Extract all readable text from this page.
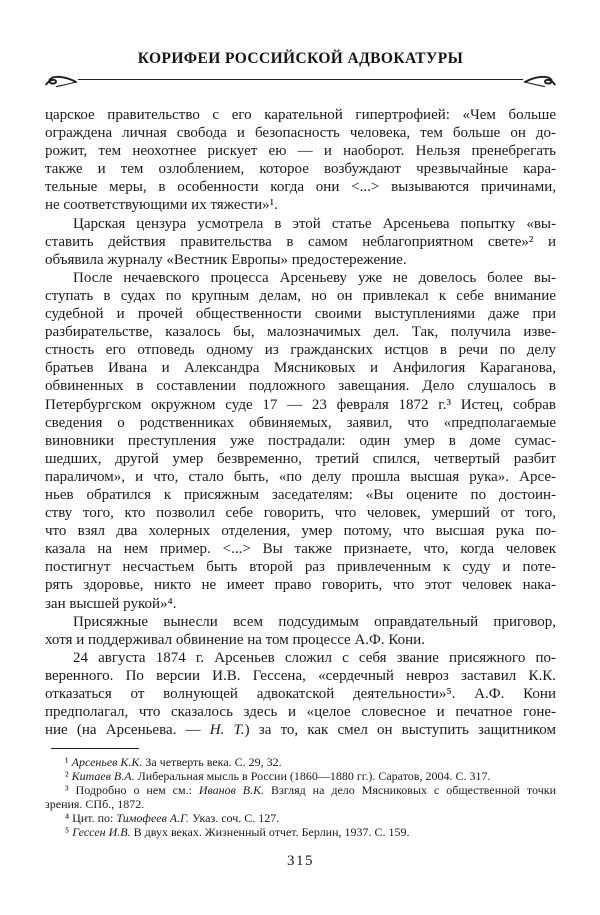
КОРИФЕИ РОССИЙСКОЙ АДВОКАТУРЫ
царское правительство с его карательной гипертрофией: «Чем больше
ограждена личная свобода и безопасность человека, тем больше он до-
рожит, тем неохотнее рискует ею — и наоборот. Нельзя пренебрегать
также и тем озлоблением, которое возбуждают чрезвычайные кара-
тельные меры, в особенности когда они <...> вызываются причинами,
не соответствующими их тяжести»¹.
Царская цензура усмотрела в этой статье Арсеньева попытку «вы-
ставить действия правительства в самом неблагоприятном свете»² и
объявила журналу «Вестник Европы» предостережение.
После нечаевского процесса Арсеньеву уже не довелось более вы-
ступать в судах по крупным делам, но он привлекал к себе внимание
судебной и прочей общественности своими выступлениями даже при
разбирательстве, казалось бы, малозначимых дел. Так, получила изве-
стность его отповедь одному из гражданских истцов в речи по делу
братьев Ивана и Александра Мясниковых и Анфилогия Караганова,
обвиненных в составлении подложного завещания. Дело слушалось в
Петербургском окружном суде 17 — 23 февраля 1872 г.³ Истец, собрав
сведения о родственниках обвиняемых, заявил, что «предполагаемые
виновники преступления уже пострадали: один умер в доме сумас-
шедших, другой умер безвременно, третий спился, четвертый разбит
параличом», и что, стало быть, «по делу прошла высшая рука». Арсе-
ньев обратился к присяжным заседателям: «Вы оцените по достоин-
ству того, кто позволил себе говорить, что человек, умерший от того,
что взял два холерных отделения, умер потому, что высшая рука по-
казала на нем пример. <...> Вы также признаете, что, когда человек
постигнут несчастьем быть второй раз привлеченным к суду и поте-
рять здоровье, никто не имеет право говорить, что этот человек нака-
зан высшей рукой»⁴.
Присяжные вынесли всем подсудимым оправдательный приговор,
хотя и поддерживал обвинение на том процессе А.Ф. Кони.
24 августа 1874 г. Арсеньев сложил с себя звание присяжного по-
веренного. По версии И.В. Гессена, «сердечный невроз заставил К.К.
отказаться от волнующей адвокатской деятельности»⁵. А.Ф. Кони
предполагал, что сказалось здесь и «целое словесное и печатное гоне-
ние (на Арсеньева. — Н. Т.) за то, как смел он выступить защитником
¹ Арсеньев К.К. За четверть века. С. 29, 32.
² Китаев В.А. Либеральная мысль в России (1860—1880 гг.). Саратов, 2004. С. 317.
³ Подробно о нем см.: Иванов В.К. Взгляд на дело Мясниковых с общественной точки
зрения. СПб., 1872.
⁴ Цит. по: Тимофеев А.Г. Указ. соч. С. 127.
⁵ Гессен И.В. В двух веках. Жизненный отчет. Берлин, 1937. С. 159.
315
